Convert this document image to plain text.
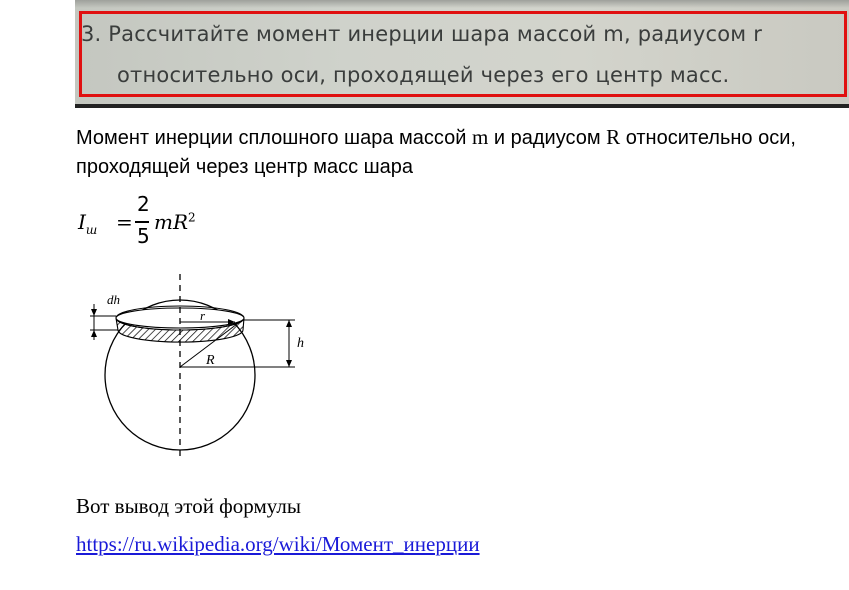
3. Рассчитайте момент инерции шара массой m, радиусом r
относительно оси, проходящей через его центр масс.
Момент инерции сплошного шара массой m и радиусом R относительно оси, проходящей через центр масс шара
$I_ш$ =
2
5
$mR^2$
dh
r
R
h
Вот вывод этой формулы
https://ru.wikipedia.org/wiki/Момент_инерции
